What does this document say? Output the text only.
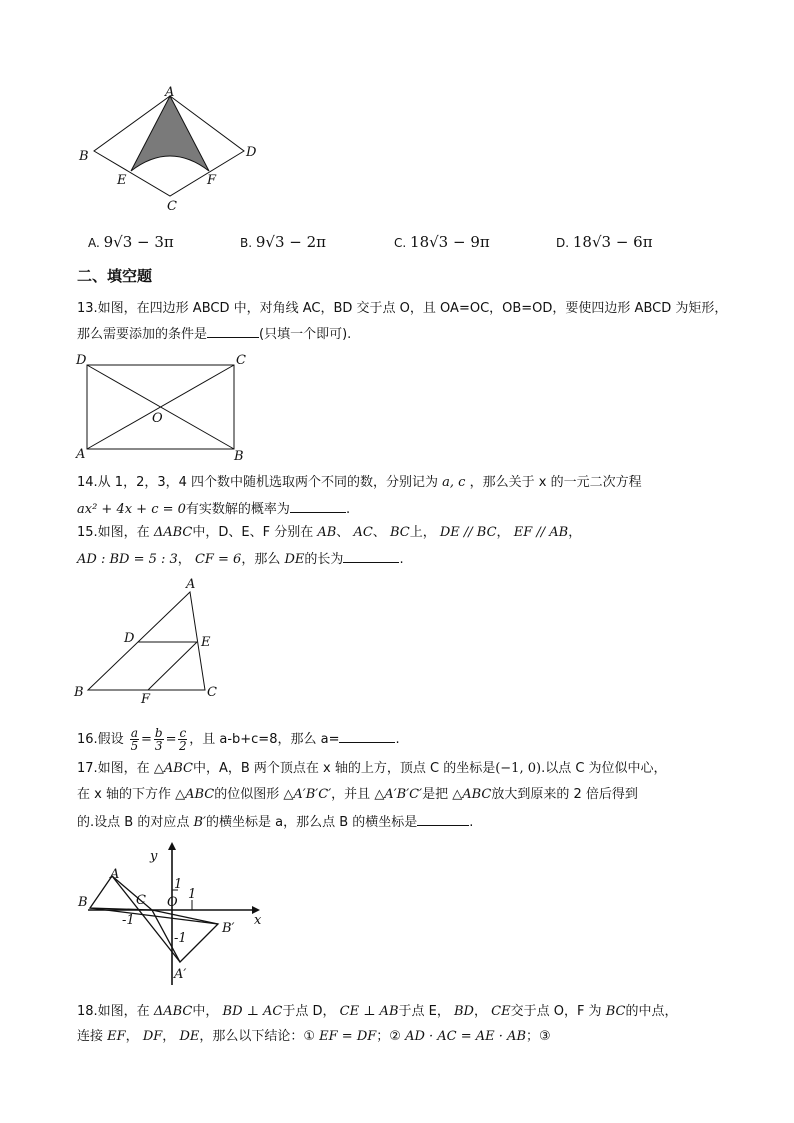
A
B
C
D
E	F
A. 9√3 − 3π	B. 9√3 − 2π	C. 18√3 − 9π	D. 18√3 − 6π
二、填空题
13.如图，在四边形 ABCD 中，对角线 AC，BD 交于点 O，且 OA=OC，OB=OD，要使四边形 ABCD 为矩形，
那么需要添加的条件是	(只填一个即可).
D	C
A	B
O
14.从 1，2，3，4 四个数中随机选取两个不同的数，分别记为 a, c ，那么关于 x 的一元二次方程
ax² + 4x + c = 0有实数解的概率为	.
15.如图，在 ΔABC中，D、E、F 分别在 AB、 AC、 BC上， DE // BC， EF // AB，
AD : BD = 5 : 3， CF = 6，那么 DE的长为	.
A
D	E
B	F	C
16.假设 $\frac{a}{5} = \frac{b}{3} = \frac{c}{2}$ ，且 a-b+c=8，那么 a=	.
17.如图，在 △ABC中，A，B 两个顶点在 x 轴的上方，顶点 C 的坐标是(−1, 0).以点 C 为位似中心，
在 x 轴的下方作 △ABC的位似图形 △A′B′C′，并且 △A′B′C′是把 △ABC放大到原来的 2 倍后得到
的.设点 B 的对应点 B′的横坐标是 a，那么点 B 的横坐标是	.
y
x
A
B	C O
1
1
-1
-1
A′
B′
18.如图，在 ΔABC中， BD ⊥ AC于点 D， CE ⊥ AB于点 E， BD， CE交于点 O，F 为 BC的中点，
连接 EF， DF， DE，那么以下结论：① EF = DF；② AD · AC = AE · AB；③
